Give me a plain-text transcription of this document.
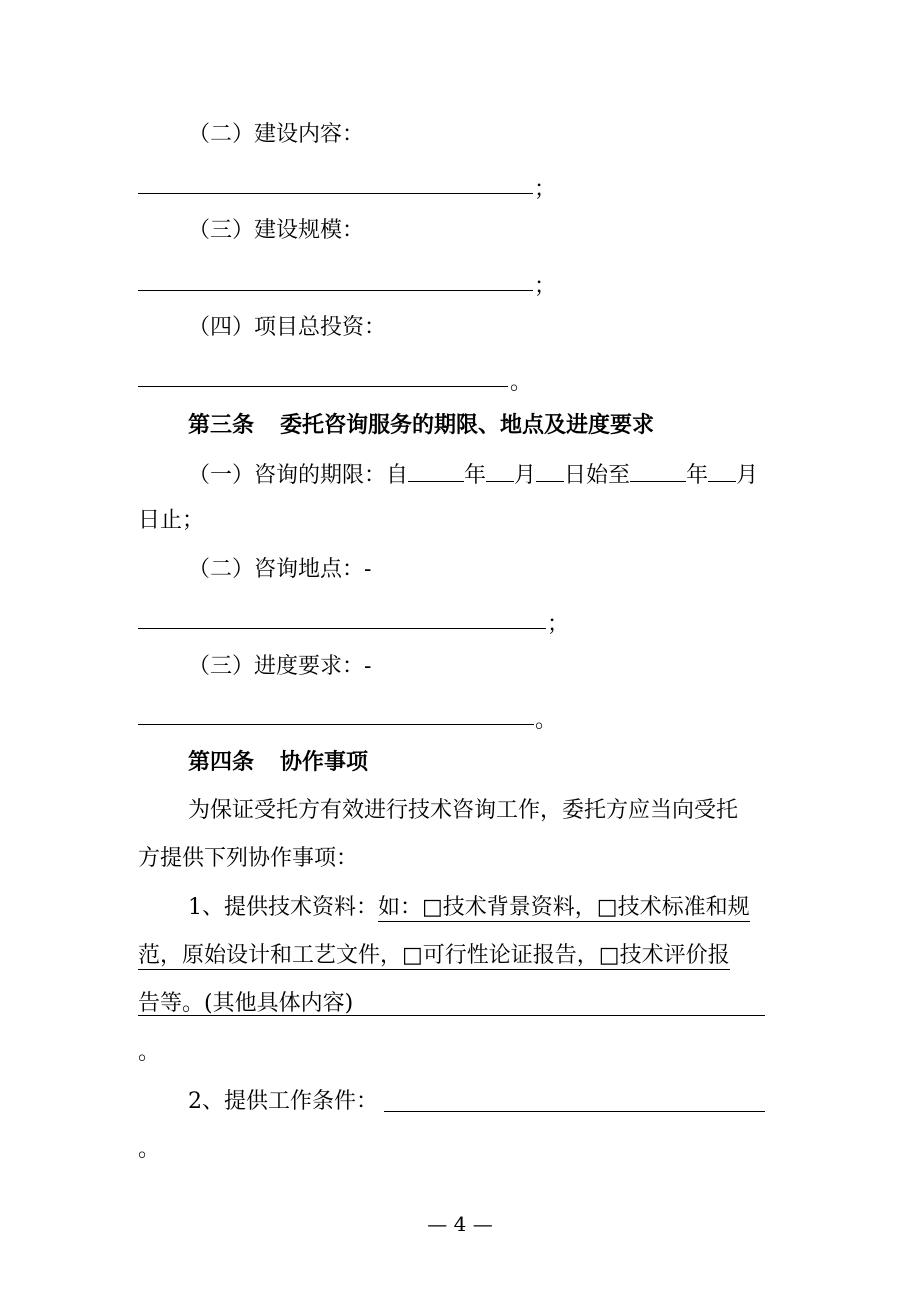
（二）建设内容：
；
（三）建设规模：
；
（四）项目总投资：
。
第三条 委托咨询服务的期限、地点及进度要求
（一）咨询的期限：自	年 月 日始至	年 月
日止；
（二）咨询地点：-
；
（三）进度要求：-
。
第四条 协作事项
为保证受托方有效进行技术咨询工作，委托方应当向受托
方提供下列协作事项：
1、提供技术资料：如：□技术背景资料，□技术标准和规
范，原始设计和工艺文件，□可行性论证报告，□技术评价报
告等。(其他具体内容)
。
2、提供工作条件：
。
— 4 —
